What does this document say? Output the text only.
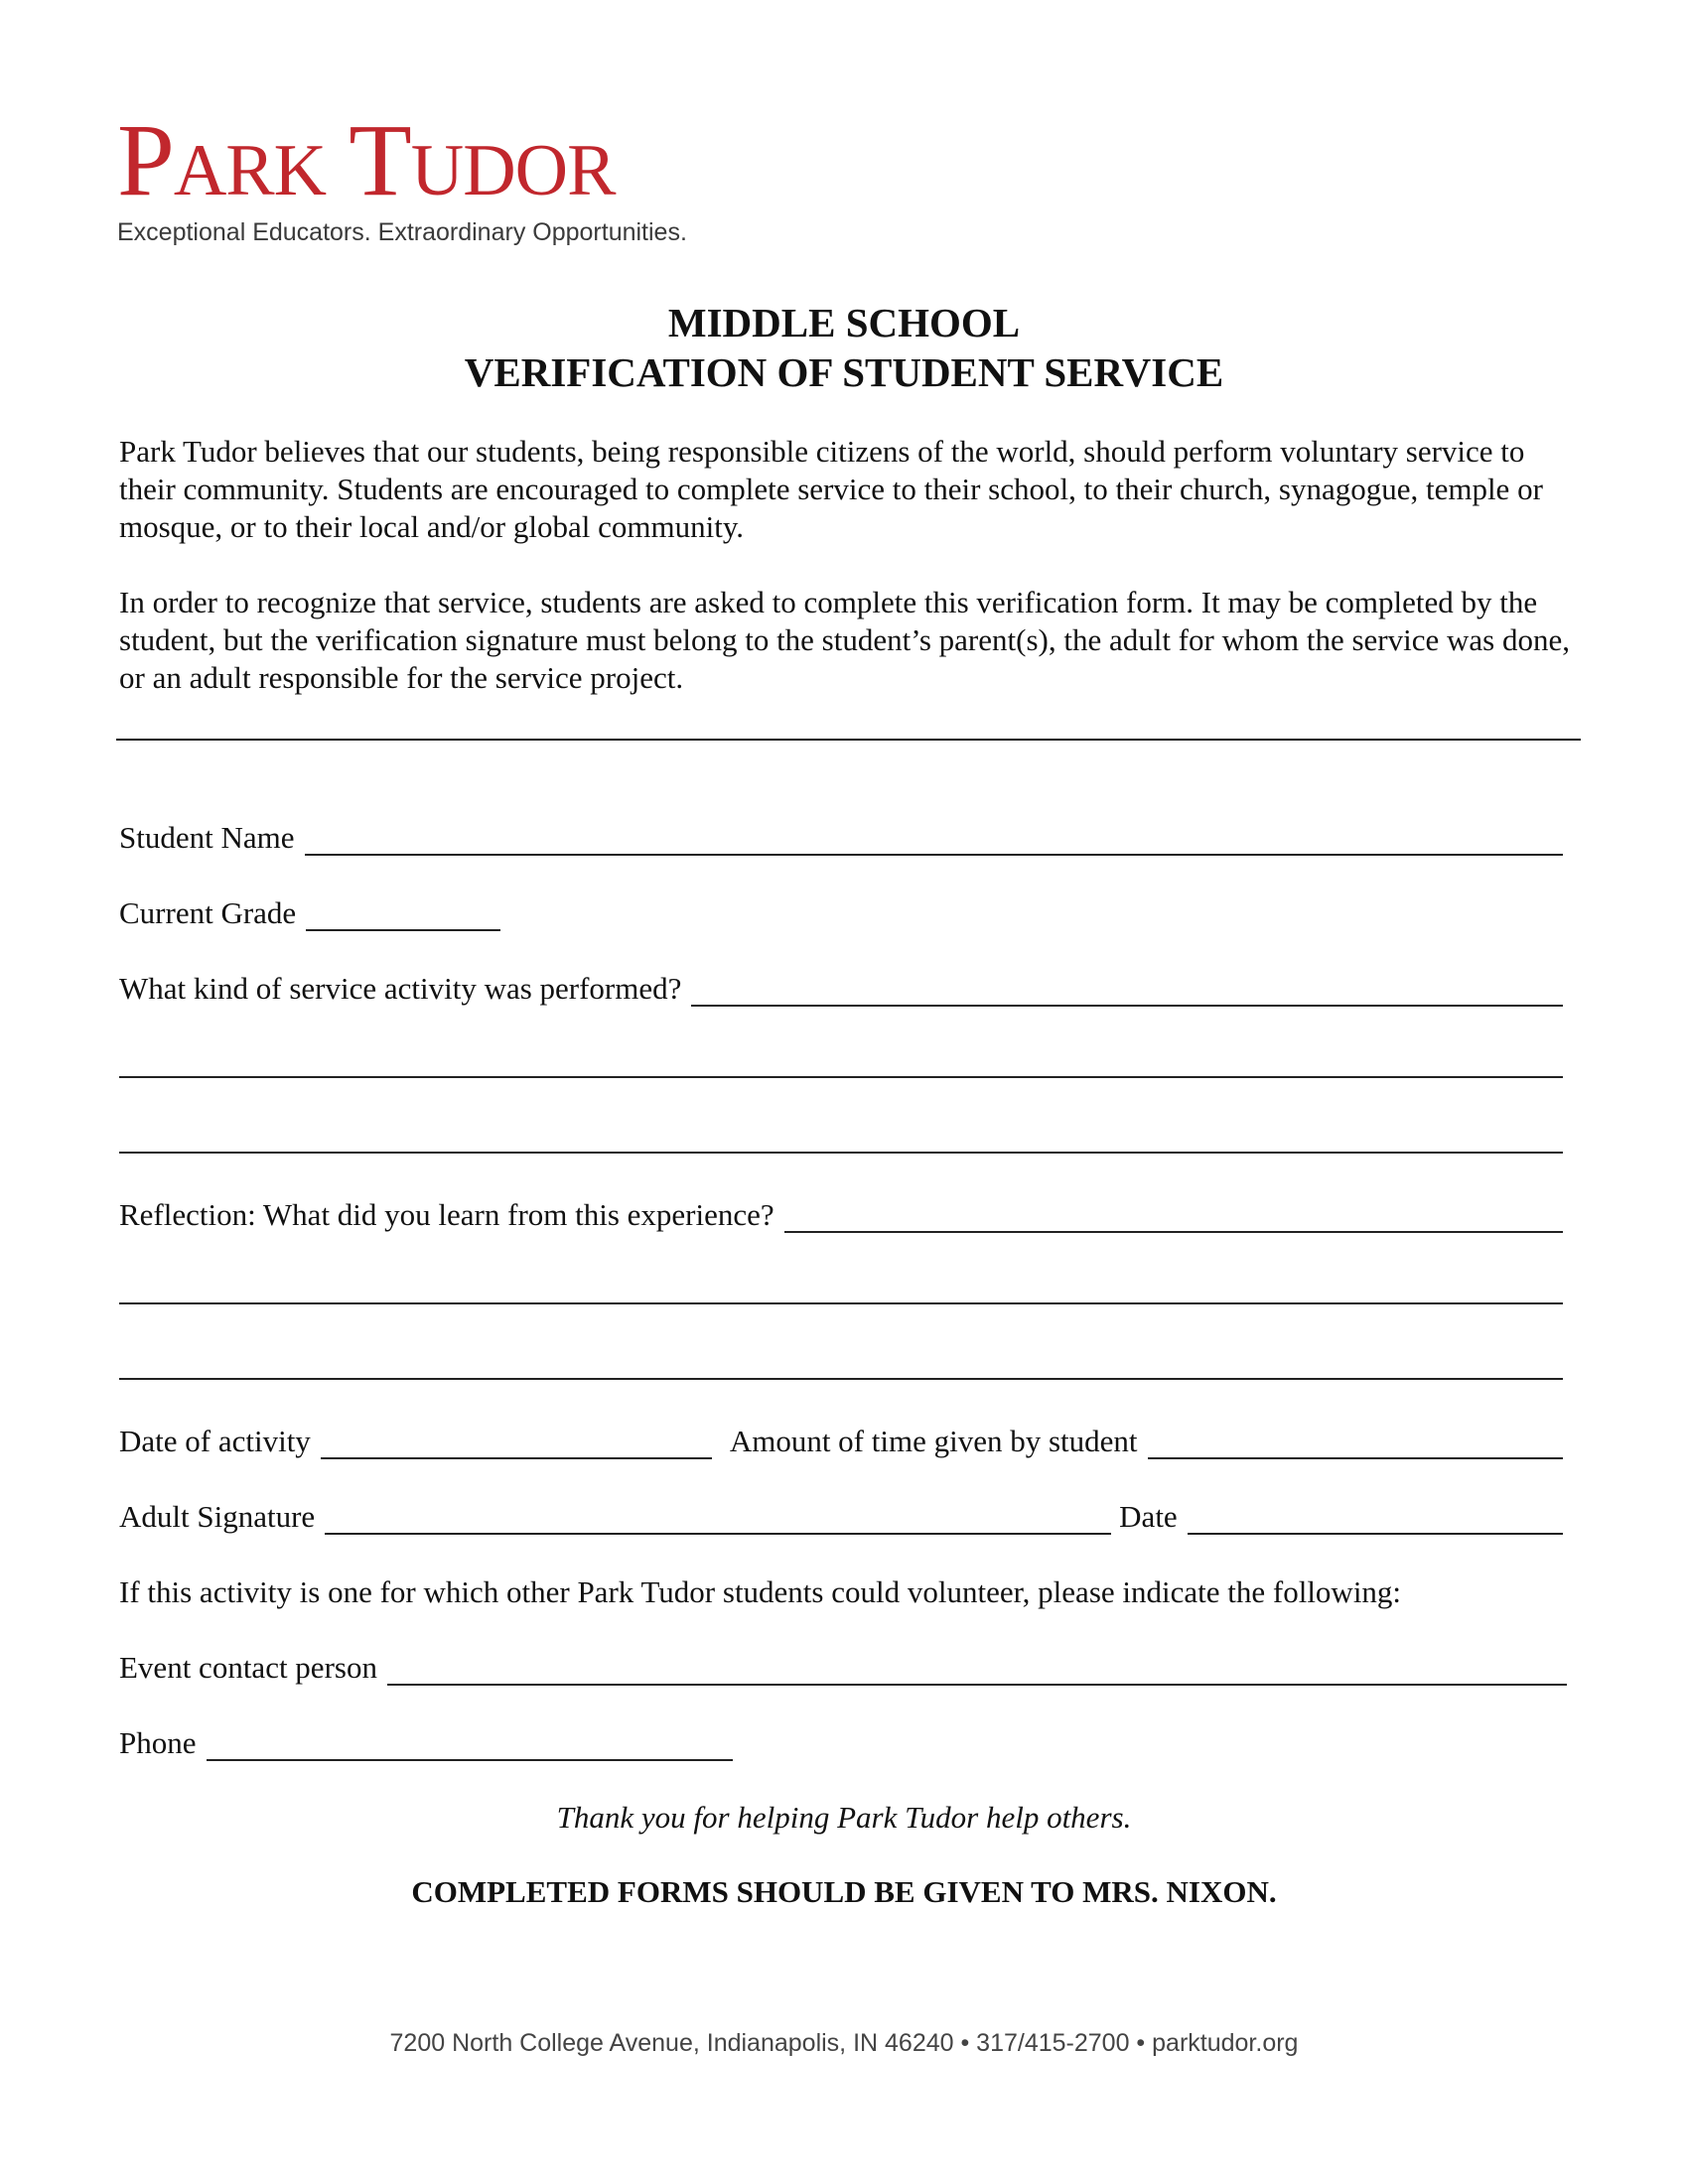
PARK TUDOR
Exceptional Educators. Extraordinary Opportunities.
MIDDLE SCHOOL
VERIFICATION OF STUDENT SERVICE

Park Tudor believes that our students, being responsible citizens of the world, should perform voluntary service to their community. Students are encouraged to complete service to their school, to their church, synagogue, temple or mosque, or to their local and/or global community.

In order to recognize that service, students are asked to complete this verification form. It may be completed by the student, but the verification signature must belong to the student’s parent(s), the adult for whom the service was done, or an adult responsible for the service project.

Student Name
Current Grade
What kind of service activity was performed?
Reflection: What did you learn from this experience?
Date of activity	Amount of time given by student
Adult Signature	Date
If this activity is one for which other Park Tudor students could volunteer, please indicate the following:
Event contact person
Phone
Thank you for helping Park Tudor help others.
COMPLETED FORMS SHOULD BE GIVEN TO MRS. NIXON.
7200 North College Avenue, Indianapolis, IN 46240 • 317/415-2700 • parktudor.org
